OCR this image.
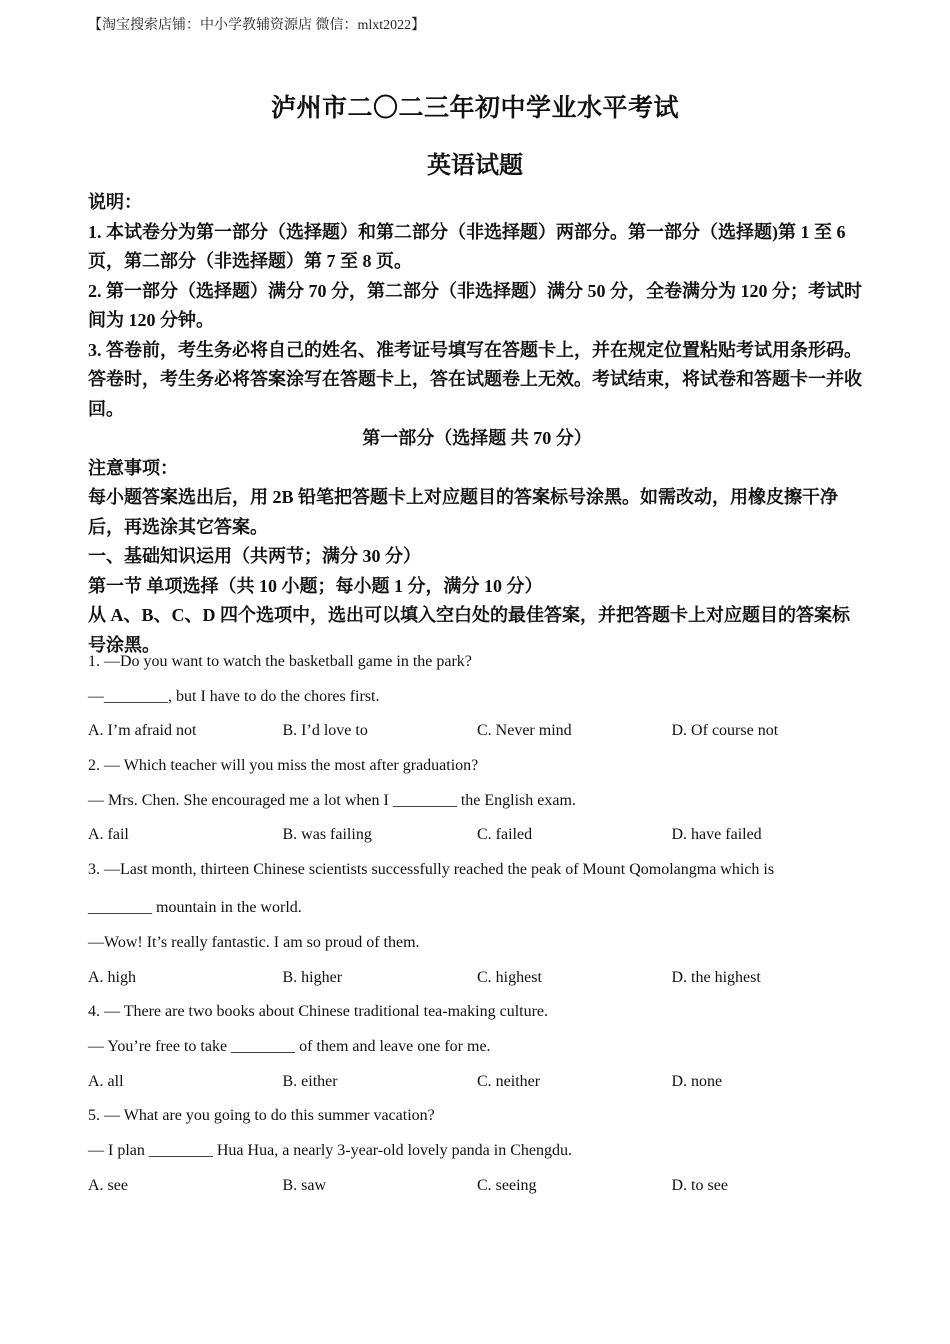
【淘宝搜索店铺：中小学教辅资源店 微信：mlxt2022】
泸州市二〇二三年初中学业水平考试
英语试题

说明：

1. 本试卷分为第一部分（选择题）和第二部分（非选择题）两部分。第一部分（选择题)第 1 至 6 页，第二部分（非选择题）第 7 至 8 页。

2. 第一部分（选择题）满分 70 分，第二部分（非选择题）满分 50 分，全卷满分为 120 分；考试时间为 120 分钟。

3. 答卷前，考生务必将自己的姓名、准考证号填写在答题卡上，并在规定位置粘贴考试用条形码。答卷时，考生务必将答案涂写在答题卡上，答在试题卷上无效。考试结束，将试卷和答题卡一并收回。

第一部分（选择题 共 70 分）

注意事项：

每小题答案选出后，用 2B 铅笔把答题卡上对应题目的答案标号涂黑。如需改动，用橡皮擦干净后，再选涂其它答案。

一、基础知识运用（共两节；满分 30 分）

第一节 单项选择（共 10 小题；每小题 1 分，满分 10 分）

从 A、B、C、D 四个选项中，选出可以填入空白处的最佳答案，并把答题卡上对应题目的答案标号涂黑。

1. —Do you want to watch the basketball game in the park?
—________, but I have to do the chores first.
A. I’m afraid not	B. I’d love to	C. Never mind	D. Of course not
2. — Which teacher will you miss the most after graduation?
— Mrs. Chen. She encouraged me a lot when I ________ the English exam.
A. fail	B. was failing	C. failed	D. have failed
3. —Last month, thirteen Chinese scientists successfully reached the peak of Mount Qomolangma which is
________ mountain in the world.
—Wow! It’s really fantastic. I am so proud of them.
A. high	B. higher	C. highest	D. the highest
4. — There are two books about Chinese traditional tea-making culture.
— You’re free to take ________ of them and leave one for me.
A. all	B. either	C. neither	D. none
5. — What are you going to do this summer vacation?
— I plan ________ Hua Hua, a nearly 3-year-old lovely panda in Chengdu.
A. see	B. saw	C. seeing	D. to see
